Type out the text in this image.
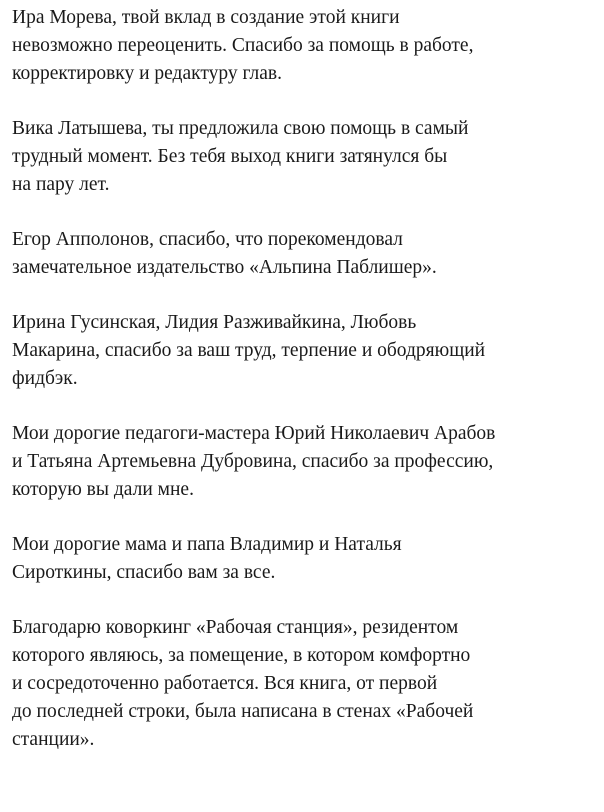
Ира Морева, твой вклад в создание этой книги
невозможно переоценить. Спасибо за помощь в работе,
корректировку и редактуру глав.

Вика Латышева, ты предложила свою помощь в самый
трудный момент. Без тебя выход книги затянулся бы
на пару лет.

Егор Апполонов, спасибо, что порекомендовал
замечательное издательство «Альпина Паблишер».

Ирина Гусинская, Лидия Разживайкина, Любовь
Макарина, спасибо за ваш труд, терпение и ободряющий
фидбэк.

Мои дорогие педагоги-мастера Юрий Николаевич Арабов
и Татьяна Артемьевна Дубровина, спасибо за профессию,
которую вы дали мне.

Мои дорогие мама и папа Владимир и Наталья
Сироткины, спасибо вам за все.

Благодарю коворкинг «Рабочая станция», резидентом
которого являюсь, за помещение, в котором комфортно
и сосредоточенно работается. Вся книга, от первой
до последней строки, была написана в стенах «Рабочей
станции».
